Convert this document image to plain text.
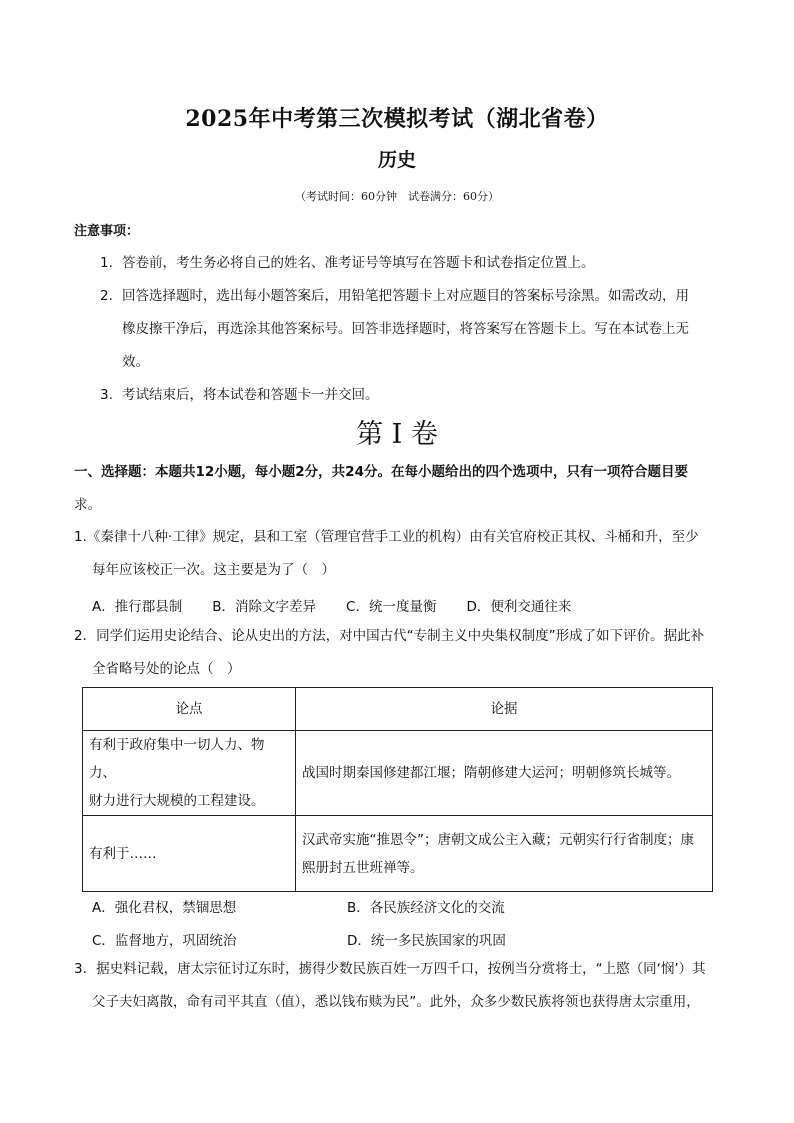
2025年中考第三次模拟考试（湖北省卷）
历史
（考试时间：60分钟　试卷满分：60分）
注意事项：
1. 答卷前，考生务必将自己的姓名、准考证号等填写在答题卡和试卷指定位置上。
2. 回答选择题时，选出每小题答案后，用铅笔把答题卡上对应题目的答案标号涂黑。如需改动，用
橡皮擦干净后，再选涂其他答案标号。回答非选择题时，将答案写在答题卡上。写在本试卷上无
效。
3. 考试结束后，将本试卷和答题卡一并交回。
第 I 卷
一、选择题：本题共12小题，每小题2分，共24分。在每小题给出的四个选项中，只有一项符合题目要
求。
1.《秦律十八种·工律》规定，县和工室（管理官营手工业的机构）由有关官府校正其权、斗桶和升，至少
每年应该校正一次。这主要是为了（　）
A．推行郡县制 B．消除文字差异 C．统一度量衡 D．便利交通往来
2．同学们运用史论结合、论从史出的方法，对中国古代“专制主义中央集权制度”形成了如下评价。据此补
全省略号处的论点（　）
论点	论据

有利于政府集中一切人力、物力、
财力进行大规模的工程建设。	战国时期秦国修建都江堰；隋朝修建大运河；明朝修筑长城等。

有利于……	汉武帝实施“推恩令”；唐朝文成公主入藏；元朝实行行省制度；康
熙册封五世班禅等。
A．强化君权，禁锢思想	B．各民族经济文化的交流
C．监督地方，巩固统治	D．统一多民族国家的巩固
3．据史料记载，唐太宗征讨辽东时，掳得少数民族百姓一万四千口，按例当分赏将士，“上愍（同‘悯’）其
父子夫妇离散，命有司平其直（值），悉以钱布赎为民”。此外，众多少数民族将领也获得唐太宗重用，
